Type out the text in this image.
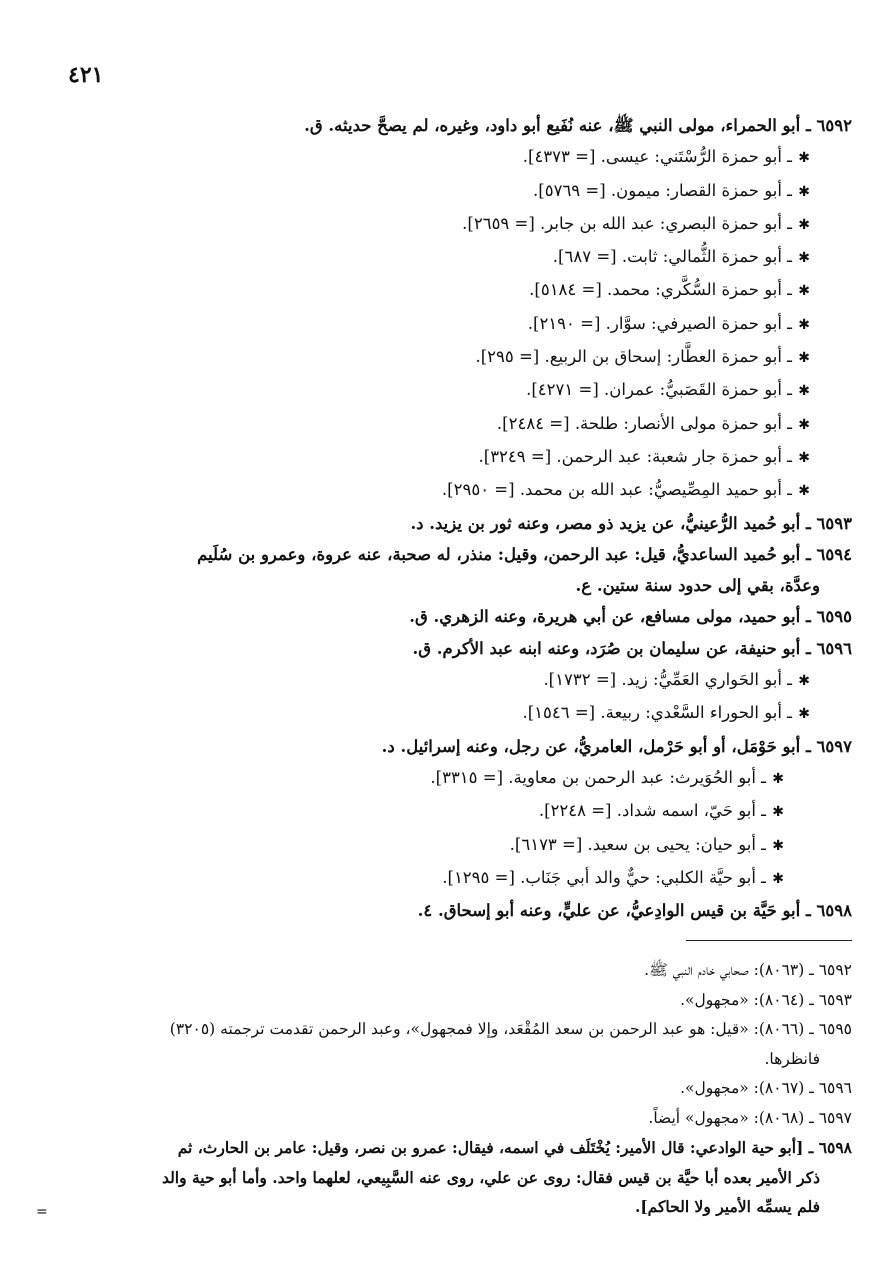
٤٢١
٦٥٩٢ ـ أبو الحمراء، مولى النبي ﷺ، عنه نُفَيع أبو داود، وغيره، لم يصحَّ حديثه. ق.
✱ـ أبو حمزة الرُّسْتَني: عيسى. [= ٤٣٧٣].
✱ـ أبو حمزة القصار: ميمون. [= ٥٧٦٩].
✱ـ أبو حمزة البصري: عبد الله بن جابر. [= ٢٦٥٩].
✱ـ أبو حمزة الثُّمالي: ثابت. [= ٦٨٧].
✱ـ أبو حمزة السُّكَّري: محمد. [= ٥١٨٤].
✱ـ أبو حمزة الصيرفي: سوَّار. [= ٢١٩٠].
✱ـ أبو حمزة العطَّار: إسحاق بن الربيع. [= ٢٩٥].
✱ـ أبو حمزة القَصَبيُّ: عمران. [= ٤٢٧١].
✱ـ أبو حمزة مولى الأنصار: طلحة. [= ٢٤٨٤].
✱ـ أبو حمزة جار شعبة: عبد الرحمن. [= ٣٢٤٩].
✱ـ أبو حميد المِصِّيصيُّ: عبد الله بن محمد. [= ٢٩٥٠].
٦٥٩٣ ـ أبو حُميد الرُّعينيُّ، عن يزيد ذو مصر، وعنه ثور بن يزيد. د.
٦٥٩٤ ـ أبو حُميد الساعديُّ، قيل: عبد الرحمن، وقيل: منذر، له صحبة، عنه عروة، وعمرو بن سُلَيم
وعدَّة، بقي إلى حدود سنة ستين. ع.
٦٥٩٥ ـ أبو حميد، مولى مسافع، عن أبي هريرة، وعنه الزهري. ق.
٦٥٩٦ ـ أبو حنيفة، عن سليمان بن صُرَد، وعنه ابنه عبد الأكرم. ق.
✱ـ أبو الحَواري العَمِّيُّ: زيد. [= ١٧٣٢].
✱ـ أبو الحوراء السَّعْدي: ربيعة. [= ١٥٤٦].
٦٥٩٧ ـ أبو حَوْمَل، أو أبو حَرْمل، العامريُّ، عن رجل، وعنه إسرائيل. د.
✱ـ أبو الحُوَيرث: عبد الرحمن بن معاوية. [= ٣٣١٥].
✱ـ أبو حَيّ، اسمه شداد. [= ٢٢٤٨].
✱ـ أبو حيان: يحيى بن سعيد. [= ٦١٧٣].
✱ـ أبو حيَّة الكلبي: حيٌّ والد أبي جَنَاب. [= ١٢٩٥].
٦٥٩٨ ـ أبو حَيَّة بن قيس الوادِعيُّ، عن عليٍّ، وعنه أبو إسحاق. ٤.
٦٥٩٢ ـ (٨٠٦٣): صحابي خادم النبي ﷺ.
٦٥٩٣ ـ (٨٠٦٤): «مجهول».
٦٥٩٥ ـ (٨٠٦٦): «قيل: هو عبد الرحمن بن سعد المُقْعَد، وإلا فمجهول»، وعبد الرحمن تقدمت ترجمته (٣٢٠٥)
فانظرها.
٦٥٩٦ ـ (٨٠٦٧): «مجهول».
٦٥٩٧ ـ (٨٠٦٨): «مجهول» أيضاً.
٦٥٩٨ ـ [أبو حية الوادعي: قال الأمير: يُخْتَلَف في اسمه، فيقال: عمرو بن نصر، وقيل: عامر بن الحارث، ثم
ذكر الأمير بعده أبا حيَّة بن قيس فقال: روى عن علي، روى عنه السَّبِيعي، لعلهما واحد. وأما أبو حية والد
فلم يسمِّه الأمير ولا الحاكم].
=
